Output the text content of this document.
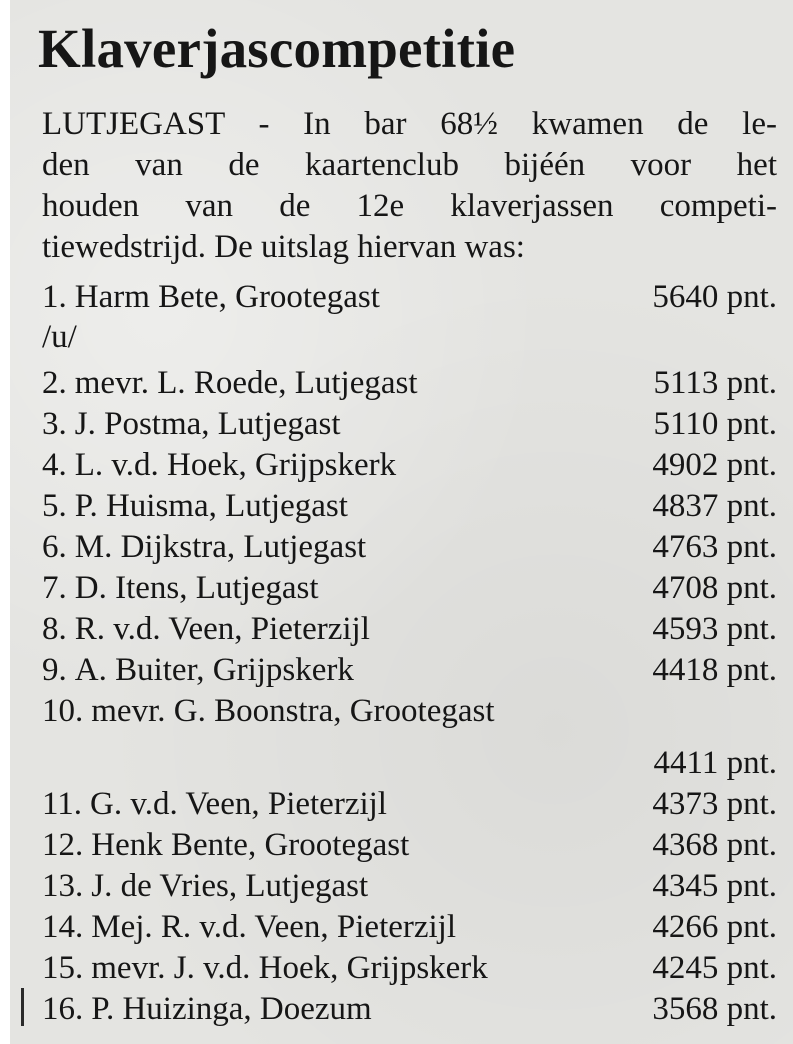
Klaverjascompetitie
LUTJEGAST - In bar 68½ kwamen de le-
den van de kaartenclub bijéén voor het
houden van de 12e klaverjassen competi-
tiewedstrijd. De uitslag hiervan was:
1. Harm Bete, Grootegast	5640 pnt.
/u/
2. mevr. L. Roede, Lutjegast	5113 pnt.
3. J. Postma, Lutjegast	5110 pnt.
4. L. v.d. Hoek, Grijpskerk	4902 pnt.
5. P. Huisma, Lutjegast	4837 pnt.
6. M. Dijkstra, Lutjegast	4763 pnt.
7. D. Itens, Lutjegast	4708 pnt.
8. R. v.d. Veen, Pieterzijl	4593 pnt.
9. A. Buiter, Grijpskerk	4418 pnt.
10. mevr. G. Boonstra, Grootegast
4411 pnt.
11. G. v.d. Veen, Pieterzijl	4373 pnt.
12. Henk Bente, Grootegast	4368 pnt.
13. J. de Vries, Lutjegast	4345 pnt.
14. Mej. R. v.d. Veen, Pieterzijl	4266 pnt.
15. mevr. J. v.d. Hoek, Grijpskerk	4245 pnt.
16. P. Huizinga, Doezum	3568 pnt.
